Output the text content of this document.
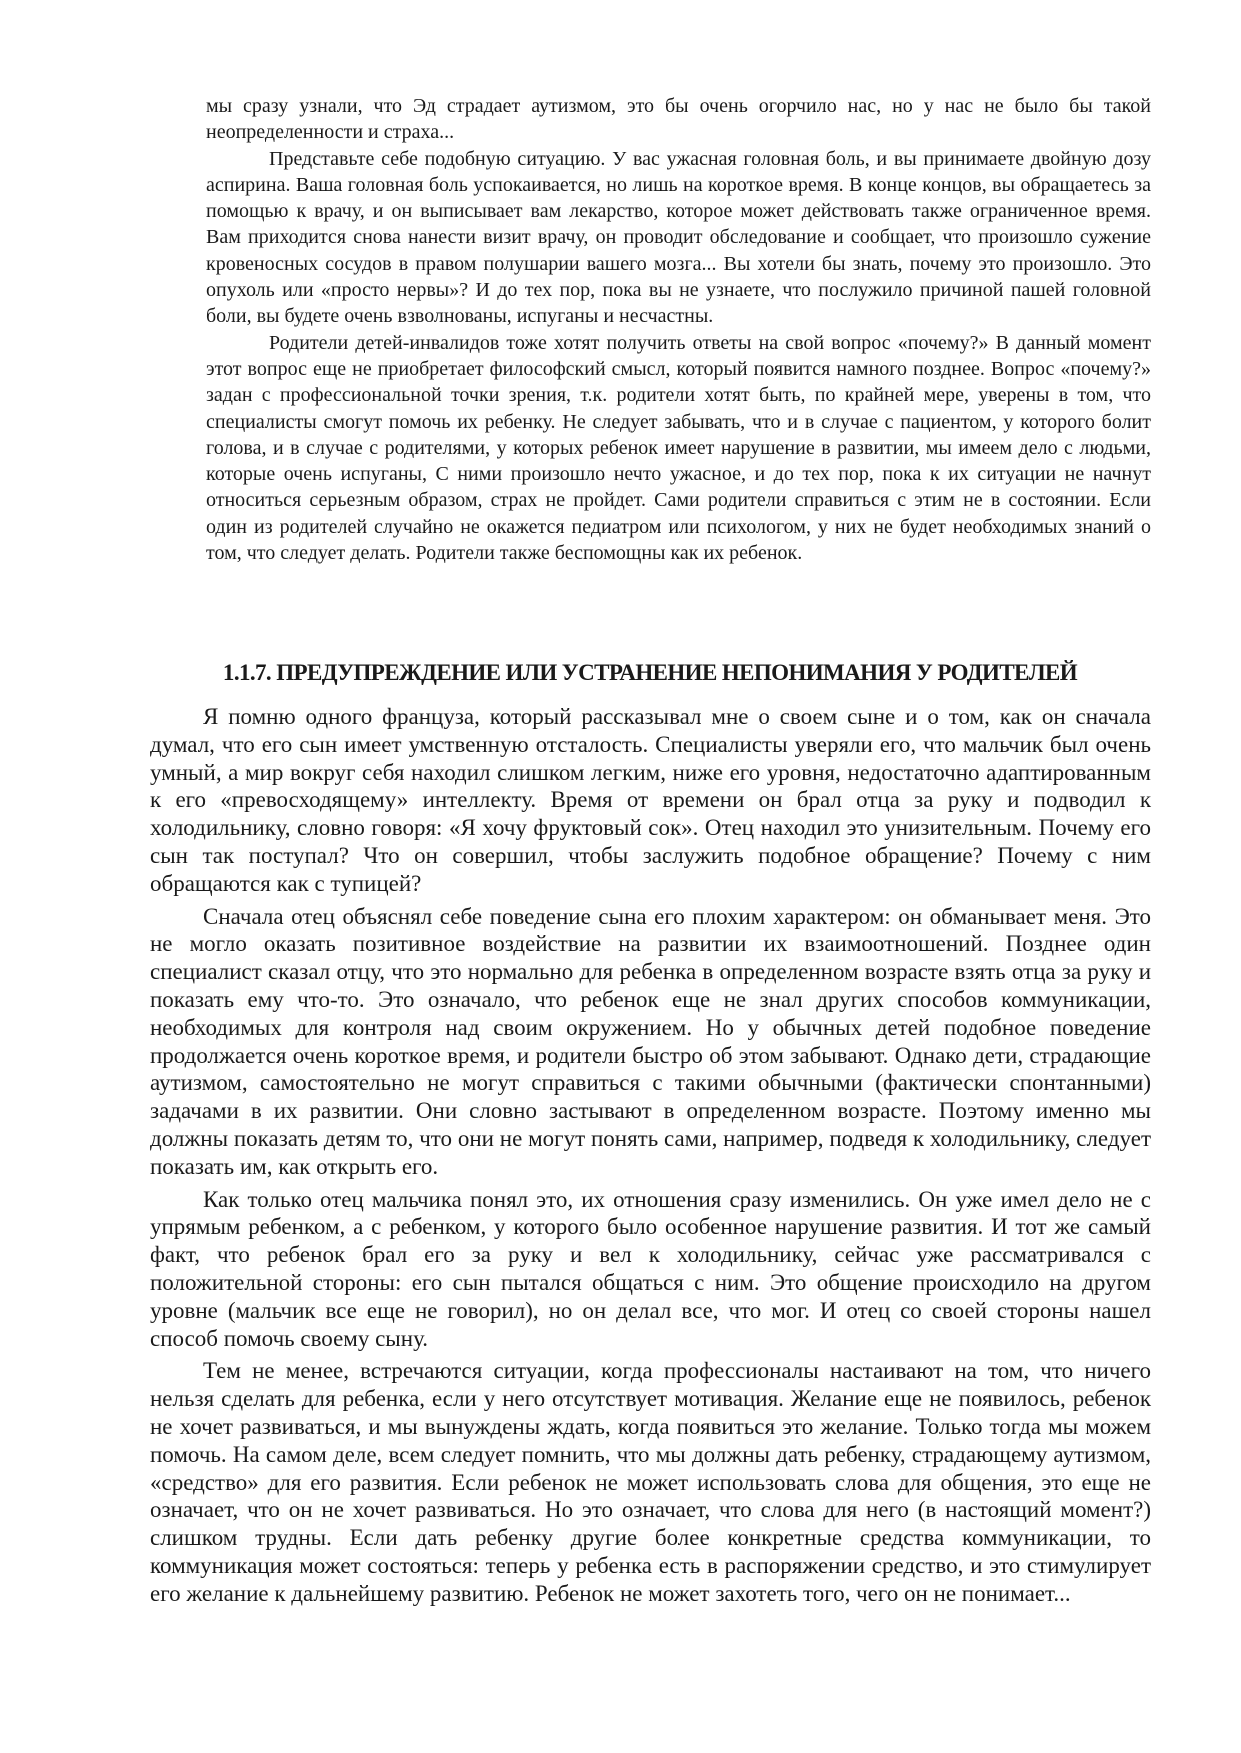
мы сразу узнали, что Эд страдает аутизмом, это бы очень огорчило нас, но у нас не было бы такой неопределенности и страха...

Представьте себе подобную ситуацию. У вас ужасная головная боль, и вы принимаете двойную дозу аспирина. Ваша головная боль успокаивается, но лишь на короткое время. В конце концов, вы обращаетесь за помощью к врачу, и он выписывает вам лекарство, которое может действовать также ограниченное время. Вам приходится снова нанести визит врачу, он проводит обследование и сообщает, что произошло сужение кровеносных сосудов в правом полушарии вашего мозга... Вы хотели бы знать, почему это произошло. Это опухоль или «просто нервы»? И до тех пор, пока вы не узнаете, что послужило причиной пашей головной боли, вы будете очень взволнованы, испуганы и несчастны.

Родители детей-инвалидов тоже хотят получить ответы на свой вопрос «почему?» В данный момент этот вопрос еще не приобретает философский смысл, который появится намного позднее. Вопрос «почему?» задан с профессиональной точки зрения, т.к. родители хотят быть, по крайней мере, уверены в том, что специалисты смогут помочь их ребенку. Не следует забывать, что и в случае с пациентом, у которого болит голова, и в случае с родителями, у которых ребенок имеет нарушение в развитии, мы имеем дело с людьми, которые очень испуганы, С ними произошло нечто ужасное, и до тех пор, пока к их ситуации не начнут относиться серьезным образом, страх не пройдет. Сами родители справиться с этим не в состоянии. Если один из родителей случайно не окажется педиатром или психологом, у них не будет необходимых знаний о том, что следует делать. Родители также беспомощны как их ребенок.

1.1.7. ПРЕДУПРЕЖДЕНИЕ ИЛИ УСТРАНЕНИЕ НЕПОНИМАНИЯ У РОДИТЕЛЕЙ

Я помню одного француза, который рассказывал мне о своем сыне и о том, как он сначала думал, что его сын имеет умственную отсталость. Специалисты уверяли его, что мальчик был очень умный, а мир вокруг себя находил слишком легким, ниже его уровня, недостаточно адаптированным к его «превосходящему» интеллекту. Время от времени он брал отца за руку и подводил к холодильнику, словно говоря: «Я хочу фруктовый сок». Отец находил это унизительным. Почему его сын так поступал? Что он совершил, чтобы заслужить подобное обращение? Почему с ним обращаются как с тупицей?

Сначала отец объяснял себе поведение сына его плохим характером: он обманывает меня. Это не могло оказать позитивное воздействие на развитии их взаимоотношений. Позднее один специалист сказал отцу, что это нормально для ребенка в определенном возрасте взять отца за руку и показать ему что-то. Это означало, что ребенок еще не знал других способов коммуникации, необходимых для контроля над своим окружением. Но у обычных детей подобное поведение продолжается очень короткое время, и родители быстро об этом забывают. Однако дети, страдающие аутизмом, самостоятельно не могут справиться с такими обычными (фактически спонтанными) задачами в их развитии. Они словно застывают в определенном возрасте. Поэтому именно мы должны показать детям то, что они не могут понять сами, например, подведя к холодильнику, следует показать им, как открыть его.

Как только отец мальчика понял это, их отношения сразу изменились. Он уже имел дело не с упрямым ребенком, а с ребенком, у которого было особенное нарушение развития. И тот же самый факт, что ребенок брал его за руку и вел к холодильнику, сейчас уже рассматривался с положительной стороны: его сын пытался общаться с ним. Это общение происходило на другом уровне (мальчик все еще не говорил), но он делал все, что мог. И отец со своей стороны нашел способ помочь своему сыну.

Тем не менее, встречаются ситуации, когда профессионалы настаивают на том, что ничего нельзя сделать для ребенка, если у него отсутствует мотивация. Желание еще не появилось, ребенок не хочет развиваться, и мы вынуждены ждать, когда появиться это желание. Только тогда мы можем помочь. На самом деле, всем следует помнить, что мы должны дать ребенку, страдающему аутизмом, «средство» для его развития. Если ребенок не может использовать слова для общения, это еще не означает, что он не хочет развиваться. Но это означает, что слова для него (в настоящий момент?) слишком трудны. Если дать ребенку другие более конкретные средства коммуникации, то коммуникация может состояться: теперь у ребенка есть в распоряжении средство, и это стимулирует его желание к дальнейшему развитию. Ребенок не может захотеть того, чего он не понимает...
